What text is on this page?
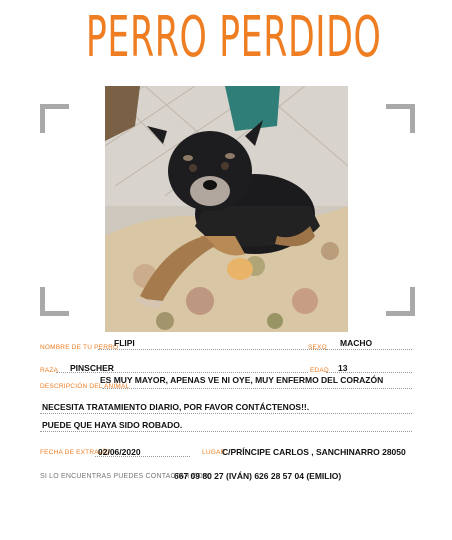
PERRO PERDIDO
NOMBRE DE TU PERRO
FLIPI	SEXO MACHO
RAZA PINSCHER	EDAD 13
DESCRIPCIÓN DEL ANIMAL
ES MUY MAYOR, APENAS VE NI OYE, MUY ENFERMO DEL CORAZÓN
NECESITA TRATAMIENTO DIARIO, POR FAVOR CONTÁCTENOS!!.
PUEDE QUE HAYA SIDO ROBADO.
FECHA DE EXTRAVÍO
02/06/2020	LUGAR
C/PRÍNCIPE CARLOS , SANCHINARRO 28050
SI LO ENCUENTRAS PUEDES CONTACTAR CON:
667 09 80 27 (IVÁN) 626 28 57 04 (EMILIO)
